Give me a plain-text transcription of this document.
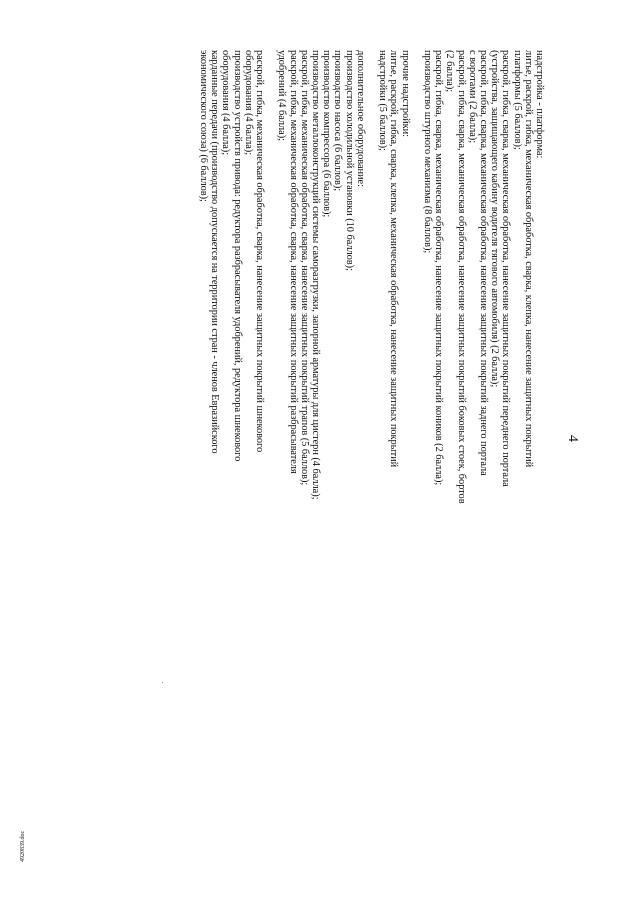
4
надстройка - платформа:
литье, раскрой, гибка, механическая обработка, сварка, клепка, нанесение защитных покрытий
платформы (5 баллов);
раскрой, гибка, сварка, механическая обработка, нанесение защитных покрытий переднего портала
(устройства, защищающего кабину водителя тягового автомобиля) (2 балла);
раскрой, гибка, сварка, механическая обработка, нанесение защитных покрытий заднего портала
с воротами (2 балла);
раскрой, гибка, сварка, механическая обработка, нанесение защитных покрытий боковых стоек, бортов
(2 балла);
раскрой, гибка, сварка, механическая обработка, нанесение защитных покрытий коников (2 балла);
производство штурного механизма (8 баллов);
прочие надстройки:
литье, раскрой, гибка, сварка, клепка, механическая обработка, нанесение защитных покрытий
надстройки (5 баллов);
дополнительное оборудование:
производство холодильной установки (10 баллов);
производство насоса (6 баллов);
производство компрессора (6 баллов);
производство металлоконструкций системы саморазгрузки, запорной арматуры для цистерн (4 балла);
раскрой, гибка, механическая обработка, сварка, нанесение защитных покрытий трапов (5 баллов);
раскрой, гибка, механическая обработка, сварка, нанесение защитных покрытий разбрасывателя
удобрений (4 балла);
раскрой, гибка, механическая обработка, сварка, нанесение защитных покрытий шнекового
оборудования (4 балла);
производство устройств привода: редуктора разбрасывателя удобрений, редуктора шнекового
оборудования (4 балла);
карданные передачи (производство допускается на территории стран - членов Евразийского
экономического союза) (6 баллов);
4920839.doc
